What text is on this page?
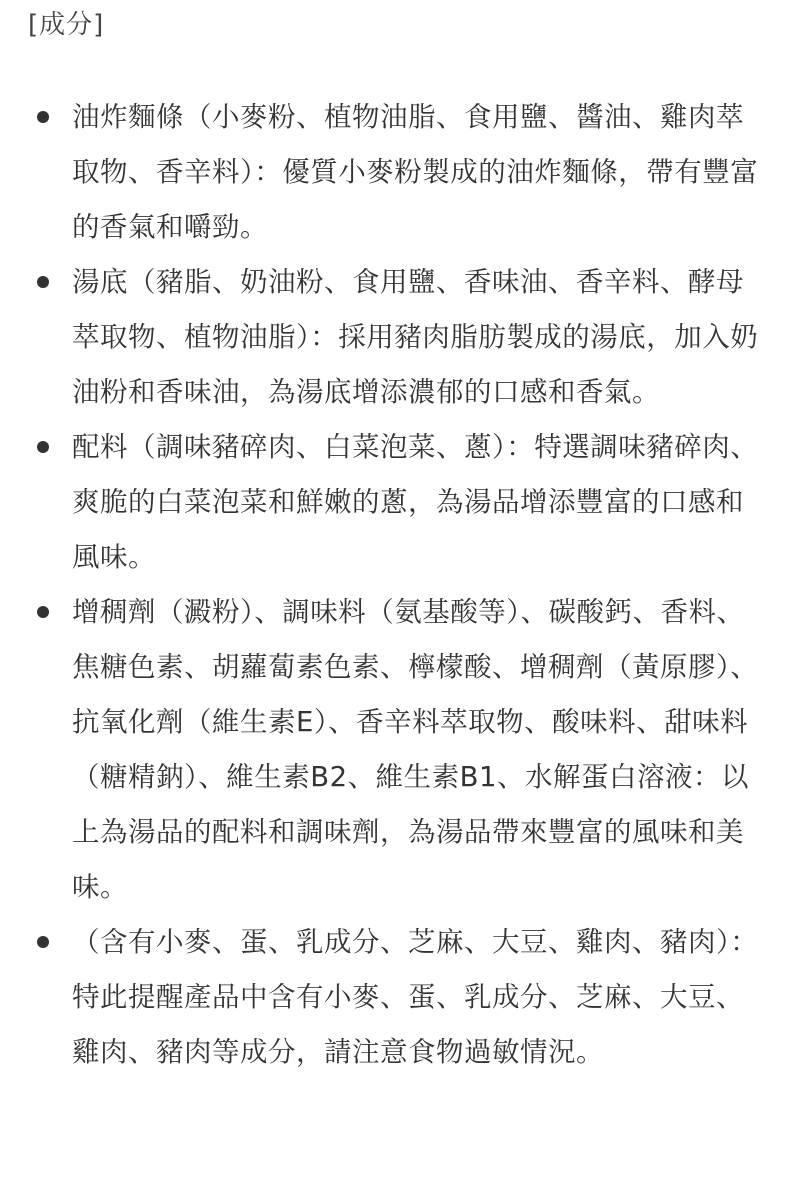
[成分]
油炸麵條（小麥粉、植物油脂、食用鹽、醬油、雞肉萃取物、香辛料）：優質小麥粉製成的油炸麵條，帶有豐富的香氣和嚼勁。
湯底（豬脂、奶油粉、食用鹽、香味油、香辛料、酵母萃取物、植物油脂）：採用豬肉脂肪製成的湯底，加入奶油粉和香味油，為湯底增添濃郁的口感和香氣。
配料（調味豬碎肉、白菜泡菜、蔥）：特選調味豬碎肉、爽脆的白菜泡菜和鮮嫩的蔥，為湯品增添豐富的口感和風味。
增稠劑（澱粉）、調味料（氨基酸等）、碳酸鈣、香料、焦糖色素、胡蘿蔔素色素、檸檬酸、增稠劑（黃原膠）、抗氧化劑（維生素E）、香辛料萃取物、酸味料、甜味料（糖精鈉）、維生素B2、維生素B1、水解蛋白溶液：以上為湯品的配料和調味劑，為湯品帶來豐富的風味和美味。
（含有小麥、蛋、乳成分、芝麻、大豆、雞肉、豬肉）：特此提醒產品中含有小麥、蛋、乳成分、芝麻、大豆、雞肉、豬肉等成分，請注意食物過敏情況。
